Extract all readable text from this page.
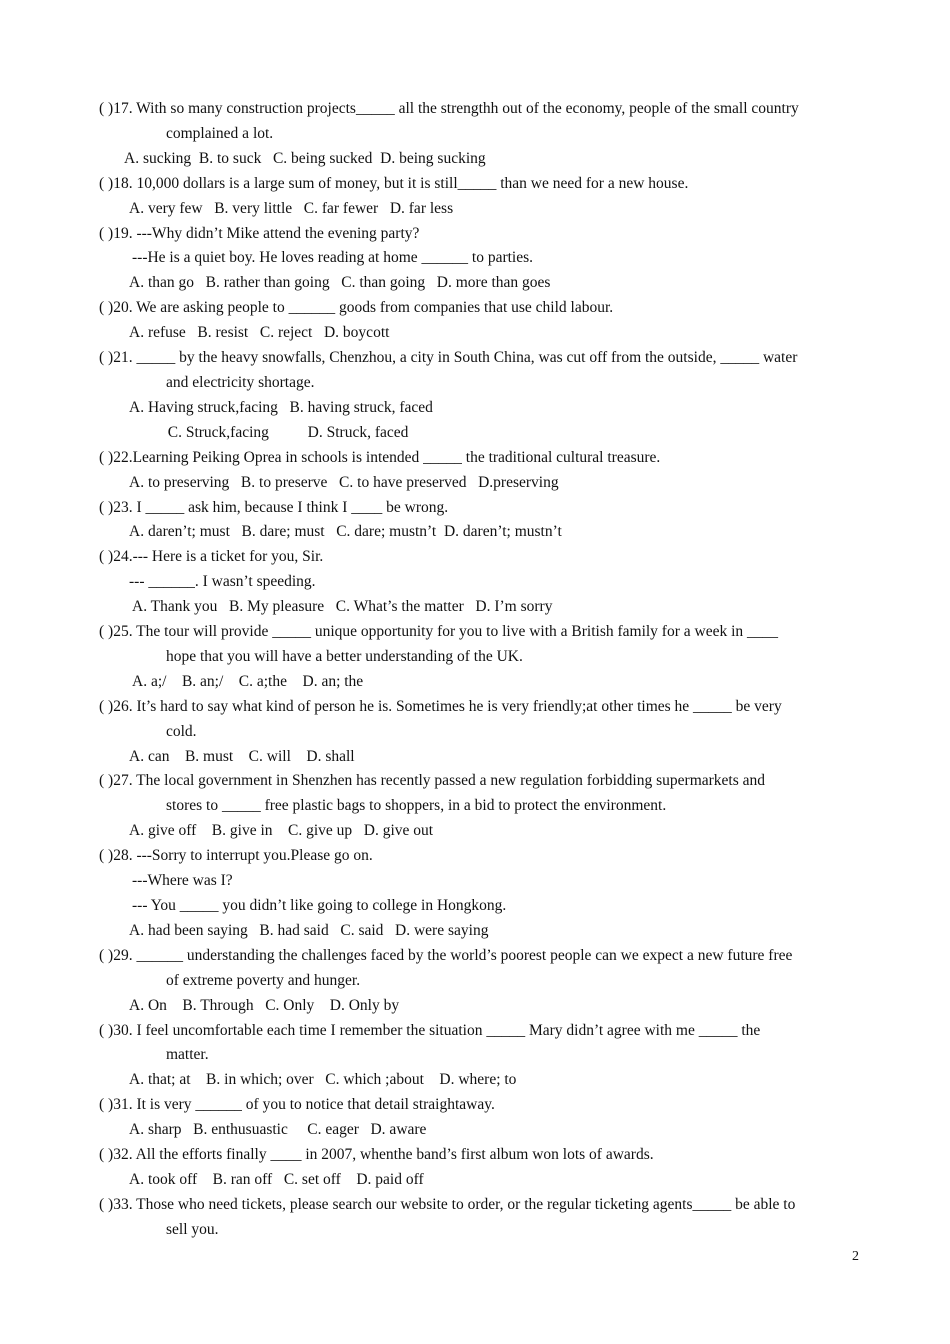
( )17. With so many construction projects_____ all the strengthh out of the economy, people of the small country
complained a lot.

A. sucking  B. to suck   C. being sucked  D. being sucking

( )18. 10,000 dollars is a large sum of money, but it is still_____ than we need for a new house.

A. very few   B. very little   C. far fewer   D. far less

( )19. ---Why didn’t Mike attend the evening party?

---He is a quiet boy. He loves reading at home ______ to parties.

A. than go   B. rather than going   C. than going   D. more than goes

( )20. We are asking people to ______ goods from companies that use child labour.

A. refuse   B. resist   C. reject   D. boycott

( )21. _____ by the heavy snowfalls, Chenzhou, a city in South China, was cut off from the outside, _____ water
and electricity shortage.

A. Having struck,facing   B. having struck, faced

C. Struck,facing          D. Struck, faced

( )22.Learning Peiking Oprea in schools is intended _____ the traditional cultural treasure.

A. to preserving   B. to preserve   C. to have preserved   D.preserving

( )23. I _____ ask him, because I think I ____ be wrong.

A. daren’t; must   B. dare; must   C. dare; mustn’t  D. daren’t; mustn’t

( )24.--- Here is a ticket for you, Sir.

--- ______. I wasn’t speeding.

A. Thank you   B. My pleasure   C. What’s the matter   D. I’m sorry

( )25. The tour will provide _____ unique opportunity for you to live with a British family for a week in ____
hope that you will have a better understanding of the UK.

A. a;/    B. an;/    C. a;the    D. an; the

( )26. It’s hard to say what kind of person he is. Sometimes he is very friendly;at other times he _____ be very
cold.

A. can    B. must    C. will    D. shall

( )27. The local government in Shenzhen has recently passed a new regulation forbidding supermarkets and
stores to _____ free plastic bags to shoppers, in a bid to protect the environment.

A. give off    B. give in    C. give up   D. give out

( )28. ---Sorry to interrupt you.Please go on.

---Where was I?

--- You _____ you didn’t like going to college in Hongkong.

A. had been saying   B. had said   C. said   D. were saying

( )29. ______ understanding the challenges faced by the world’s poorest people can we expect a new future free
of extreme poverty and hunger.

A. On    B. Through   C. Only    D. Only by

( )30. I feel uncomfortable each time I remember the situation _____ Mary didn’t agree with me _____ the
matter.

A. that; at    B. in which; over   C. which ;about    D. where; to

( )31. It is very ______ of you to notice that detail straightaway.

A. sharp   B. enthusuastic     C. eager   D. aware

( )32. All the efforts finally ____ in 2007, whenthe band’s first album won lots of awards.

A. took off    B. ran off   C. set off    D. paid off

( )33. Those who need tickets, please search our website to order, or the regular ticketing agents_____ be able to
sell you.
2
